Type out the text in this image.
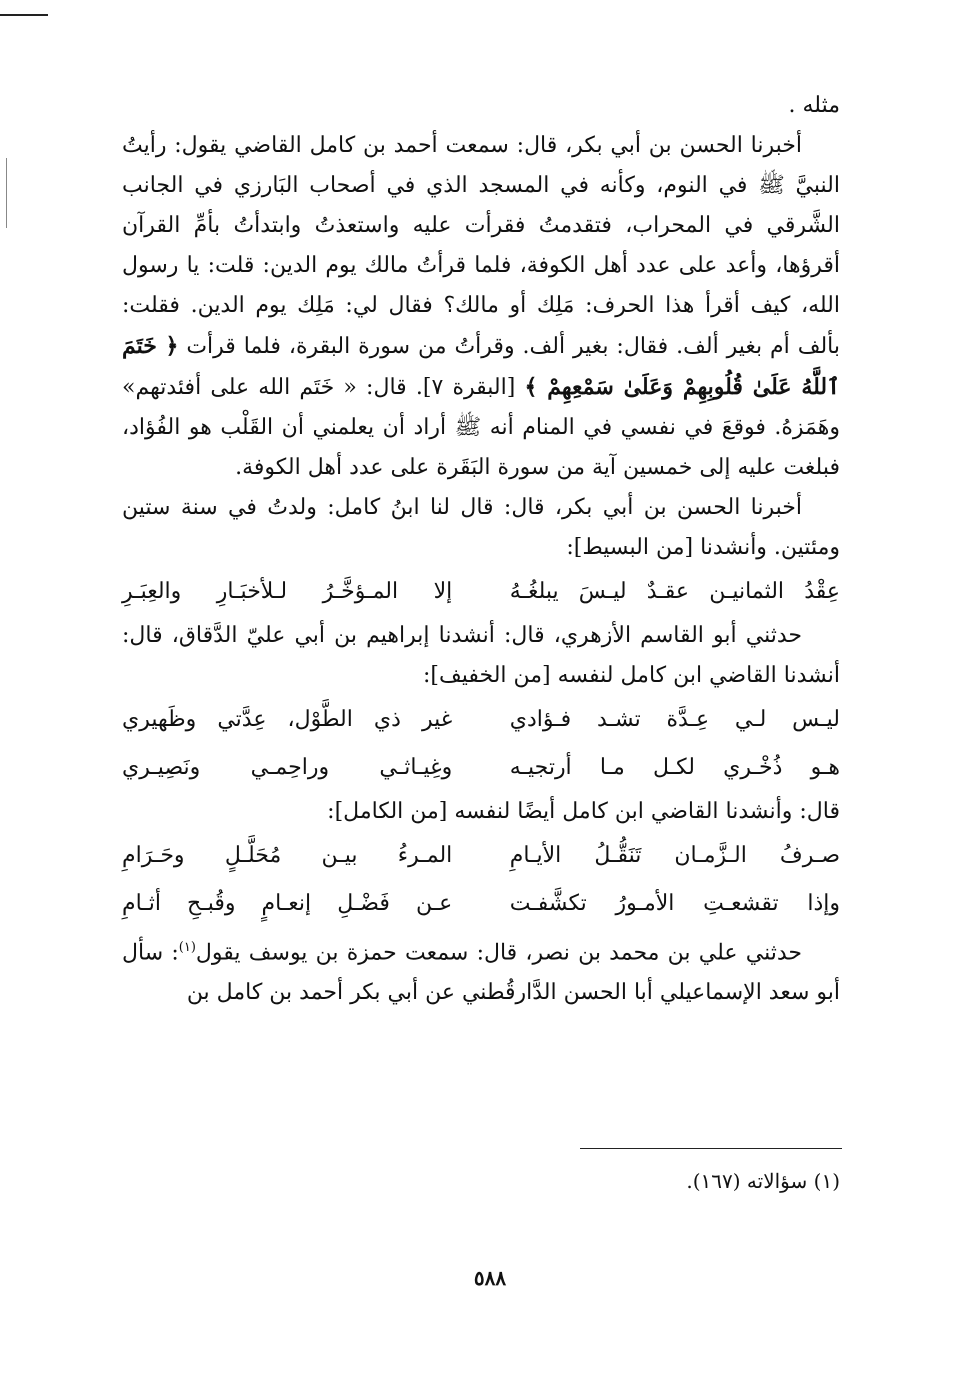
مثله .

أخبرنا الحسن بن أبي بكر، قال: سمعت أحمد بن كامل القاضي يقول: رأيتُ النبيَّ ﷺ في النوم، وكأنه في المسجد الذي في أصحاب البَارزي في الجانب الشَّرقي في المحراب، فتقدمتُ فقرأت عليه واستعذتُ وابتدأتُ بأمِّ القرآن أقرؤها، وأعد على عدد أهل الكوفة، فلما قرأتُ مالك يوم الدين: قلت: يا رسول الله، كيف أقرأ هذا الحرف: مَلِك أو مالك؟ فقال لي: مَلِك يوم الدين. فقلت: بألف أم بغير ألف. فقال: بغير ألف. وقرأتُ من سورة البقرة، فلما قرأت ﴿ خَتَمَ ٱللَّهُ عَلَىٰ قُلُوبِهِمْ وَعَلَىٰ سَمْعِهِمْ ﴾ [البقرة ٧]. قال: « خَتَم الله على أفئدتهم» وهَمَزهُ. فوقعَ في نفسي في المنام أنه ﷺ أراد أن يعلمني أن القَلْب هو الفُؤاد، فبلغت عليه إلى خمسين آية من سورة البَقَرة على عدد أهل الكوفة.

أخبرنا الحسن بن أبي بكر، قال: قال لنا ابنُ كامل: ولدتُ في سنة ستين ومئتين. وأنشدنا [من البسيط]:

عِقْدُ الثمانيـن عقـدٌ ليـسَ يبلغُـهُ
إلا المـؤخَّـرُ لـلأخبَـارِ والعِبَـرِ

حدثني أبو القاسم الأزهري، قال: أنشدنا إبراهيم بن أبي عليّ الدَّقاق، قال: أنشدنا القاضي ابن كامل لنفسه [من الخفيف]:

ليـس لـي عِـدَّة تشـد فـؤادي
غير ذي الطَّوْل، عِدَّتي وظَهيري
هـو ذُخْـري لكـل مـا أرتجيـه
وغِيـاثـي وراحِمـي ونَصِيـري

قال: وأنشدنا القاضي ابن كامل أيضًا لنفسه [من الكامل]:

صـرفُ الـزَّمـان تَنَقُّـلُ الأيـامِ
المـرءُ بيـن مُحَلَّـلٍ وحَـرَامِ
وإذا تقشعـتِ الأمـورُ تكشَّفـت
عـن فَضْـلِ إنعـامٍ وقُبـحِ أثـامِ

حدثني علي بن محمد بن نصر، قال: سمعت حمزة بن يوسف يقول$^{(١)}$: سأل أبو سعد الإسماعيلي أبا الحسن الدَّارقُطني عن أبي بكر أحمد بن كامل بن

(١) سؤالاته (١٦٧).
٥٨٨
